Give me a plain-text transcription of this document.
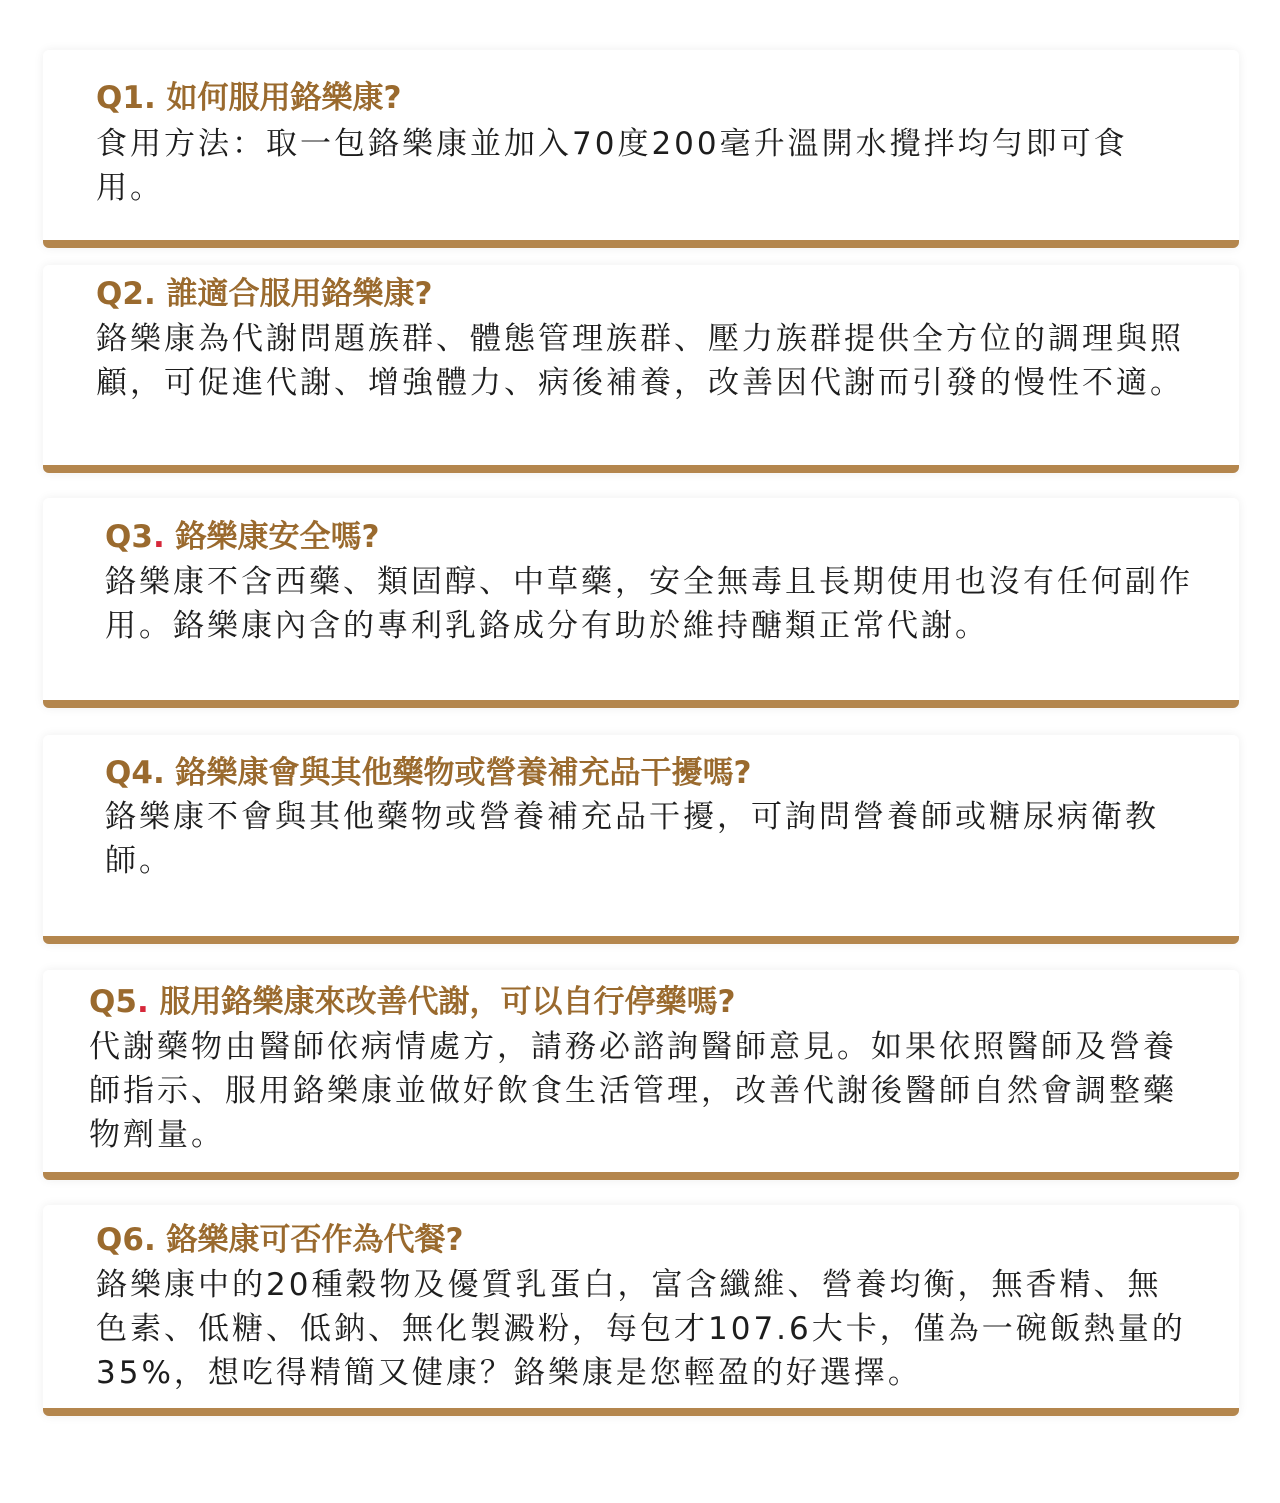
Q1. 如何服用鉻樂康?

食用方法：取一包鉻樂康並加入70度200毫升溫開水攪拌均勻即可食用。

Q2. 誰適合服用鉻樂康?

鉻樂康為代謝問題族群、體態管理族群、壓力族群提供全方位的調理與照顧，可促進代謝、增強體力、病後補養，改善因代謝而引發的慢性不適。

Q3. 鉻樂康安全嗎?

鉻樂康不含西藥、類固醇、中草藥，安全無毒且長期使用也沒有任何副作用。鉻樂康內含的專利乳鉻成分有助於維持醣類正常代謝。

Q4. 鉻樂康會與其他藥物或營養補充品干擾嗎?

鉻樂康不會與其他藥物或營養補充品干擾，可詢問營養師或糖尿病衛教師。

Q5. 服用鉻樂康來改善代謝，可以自行停藥嗎?

代謝藥物由醫師依病情處方，請務必諮詢醫師意見。如果依照醫師及營養師指示、服用鉻樂康並做好飲食生活管理，改善代謝後醫師自然會調整藥物劑量。

Q6. 鉻樂康可否作為代餐?

鉻樂康中的20種穀物及優質乳蛋白，富含纖維、營養均衡，無香精、無色素、低糖、低鈉、無化製澱粉，每包才107.6大卡，僅為一碗飯熱量的35%，想吃得精簡又健康？鉻樂康是您輕盈的好選擇。
